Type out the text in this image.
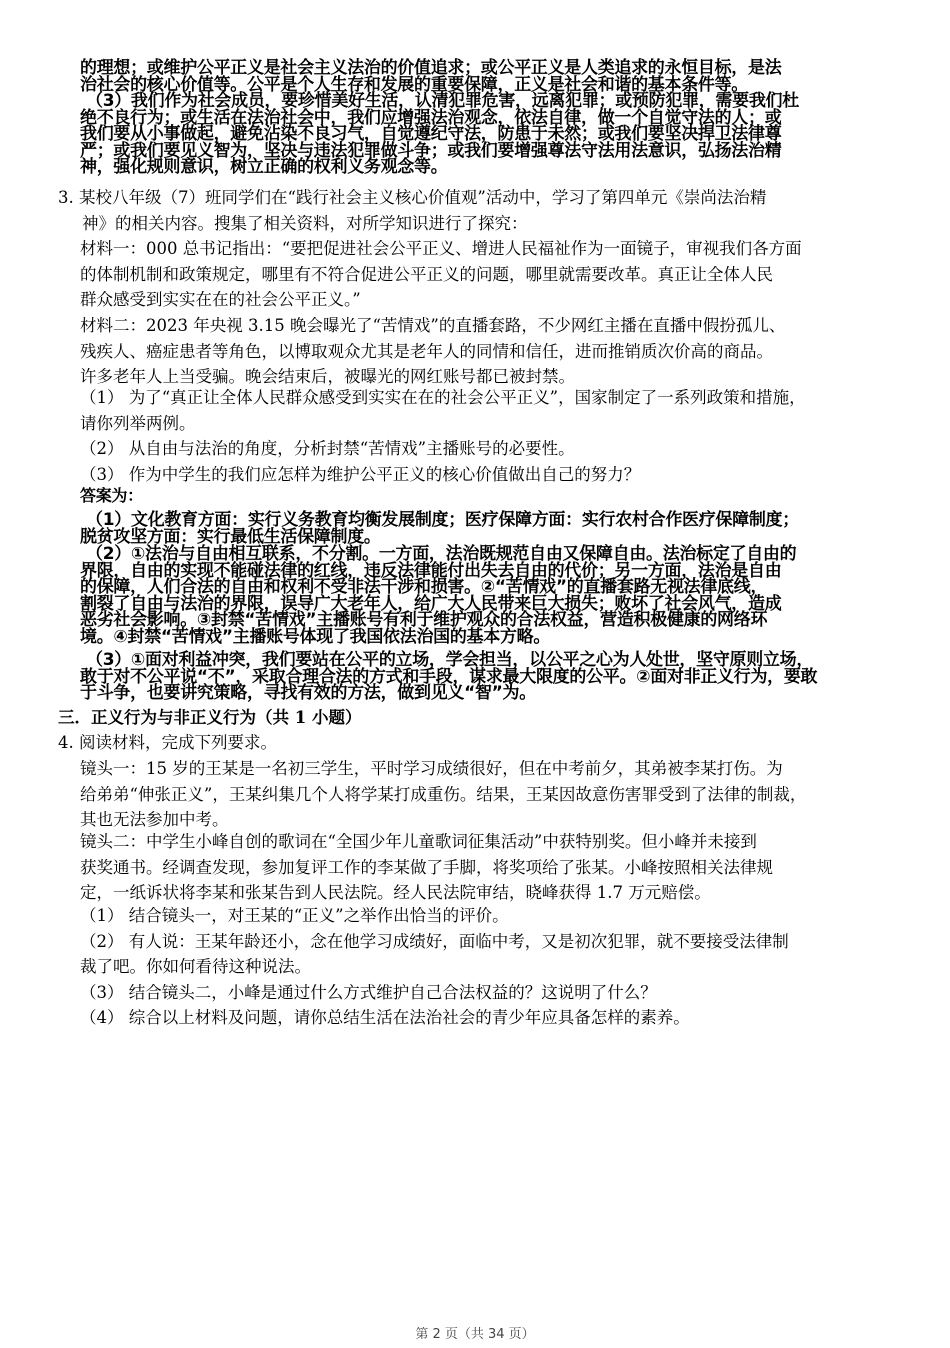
的理想；或维护公平正义是社会主义法治的价值追求；或公平正义是人类追求的永恒目标，是法
治社会的核心价值等。公平是个人生存和发展的重要保障，正义是社会和谐的基本条件等。
（3）我们作为社会成员，要珍惜美好生活，认清犯罪危害，远离犯罪；或预防犯罪，需要我们杜
绝不良行为；或生活在法治社会中，我们应增强法治观念，依法自律，做一个自觉守法的人；或
我们要从小事做起，避免沾染不良习气，自觉遵纪守法，防患于未然；或我们要坚决捍卫法律尊
严；或我们要见义智为，坚决与违法犯罪做斗争；或我们要增强尊法守法用法意识，弘扬法治精
神，强化规则意识，树立正确的权利义务观念等。
3. 某校八年级（7）班同学们在“践行社会主义核心价值观”活动中，学习了第四单元《崇尚法治精
神》的相关内容。搜集了相关资料，对所学知识进行了探究：
材料一：000 总书记指出：“要把促进社会公平正义、增进人民福祉作为一面镜子，审视我们各方面
的体制机制和政策规定，哪里有不符合促进公平正义的问题，哪里就需要改革。真正让全体人民
群众感受到实实在在的社会公平正义。”
材料二：2023 年央视 3.15 晚会曝光了“苦情戏”的直播套路，不少网红主播在直播中假扮孤儿、
残疾人、癌症患者等角色，以博取观众尤其是老年人的同情和信任，进而推销质次价高的商品。
许多老年人上当受骗。晚会结束后，被曝光的网红账号都已被封禁。
（1） 为了“真正让全体人民群众感受到实实在在的社会公平正义”，国家制定了一系列政策和措施，
请你列举两例。
（2） 从自由与法治的角度，分析封禁“苦情戏”主播账号的必要性。
（3） 作为中学生的我们应怎样为维护公平正义的核心价值做出自己的努力？
答案为：
（1）文化教育方面：实行义务教育均衡发展制度；医疗保障方面：实行农村合作医疗保障制度；
脱贫攻坚方面：实行最低生活保障制度。
（2）①法治与自由相互联系，不分割。一方面，法治既规范自由又保障自由。法治标定了自由的
界限，自由的实现不能碰法律的红线，违反法律能付出失去自由的代价；另一方面，法治是自由
的保障，人们合法的自由和权利不受非法干涉和损害。②“苦情戏”的直播套路无视法律底线，
割裂了自由与法治的界限，误导广大老年人，给广大人民带来巨大损失；败坏了社会风气，造成
恶劣社会影响。③封禁“苦情戏”主播账号有利于维护观众的合法权益，营造积极健康的网络环
境。④封禁“苦情戏”主播账号体现了我国依法治国的基本方略。
（3）①面对利益冲突，我们要站在公平的立场，学会担当，以公平之心为人处世，坚守原则立场，
敢于对不公平说“不”，采取合理合法的方式和手段，谋求最大限度的公平。②面对非正义行为，要敢
于斗争，也要讲究策略，寻找有效的方法，做到见义“智”为。
三．正义行为与非正义行为（共 1 小题）
4. 阅读材料，完成下列要求。
镜头一：15 岁的王某是一名初三学生，平时学习成绩很好，但在中考前夕，其弟被李某打伤。为
给弟弟“伸张正义”，王某纠集几个人将学某打成重伤。结果，王某因故意伤害罪受到了法律的制裁，
其也无法参加中考。
镜头二：中学生小峰自创的歌词在“全国少年儿童歌词征集活动”中获特别奖。但小峰并未接到
获奖通书。经调查发现，参加复评工作的李某做了手脚，将奖项给了张某。小峰按照相关法律规
定，一纸诉状将李某和张某告到人民法院。经人民法院审结，晓峰获得 1.7 万元赔偿。
（1） 结合镜头一，对王某的“正义”之举作出恰当的评价。
（2） 有人说：王某年龄还小，念在他学习成绩好，面临中考，又是初次犯罪，就不要接受法律制
裁了吧。你如何看待这种说法。
（3） 结合镜头二，小峰是通过什么方式维护自己合法权益的？这说明了什么？
（4） 综合以上材料及问题，请你总结生活在法治社会的青少年应具备怎样的素养。
第 2 页（共 34 页）
